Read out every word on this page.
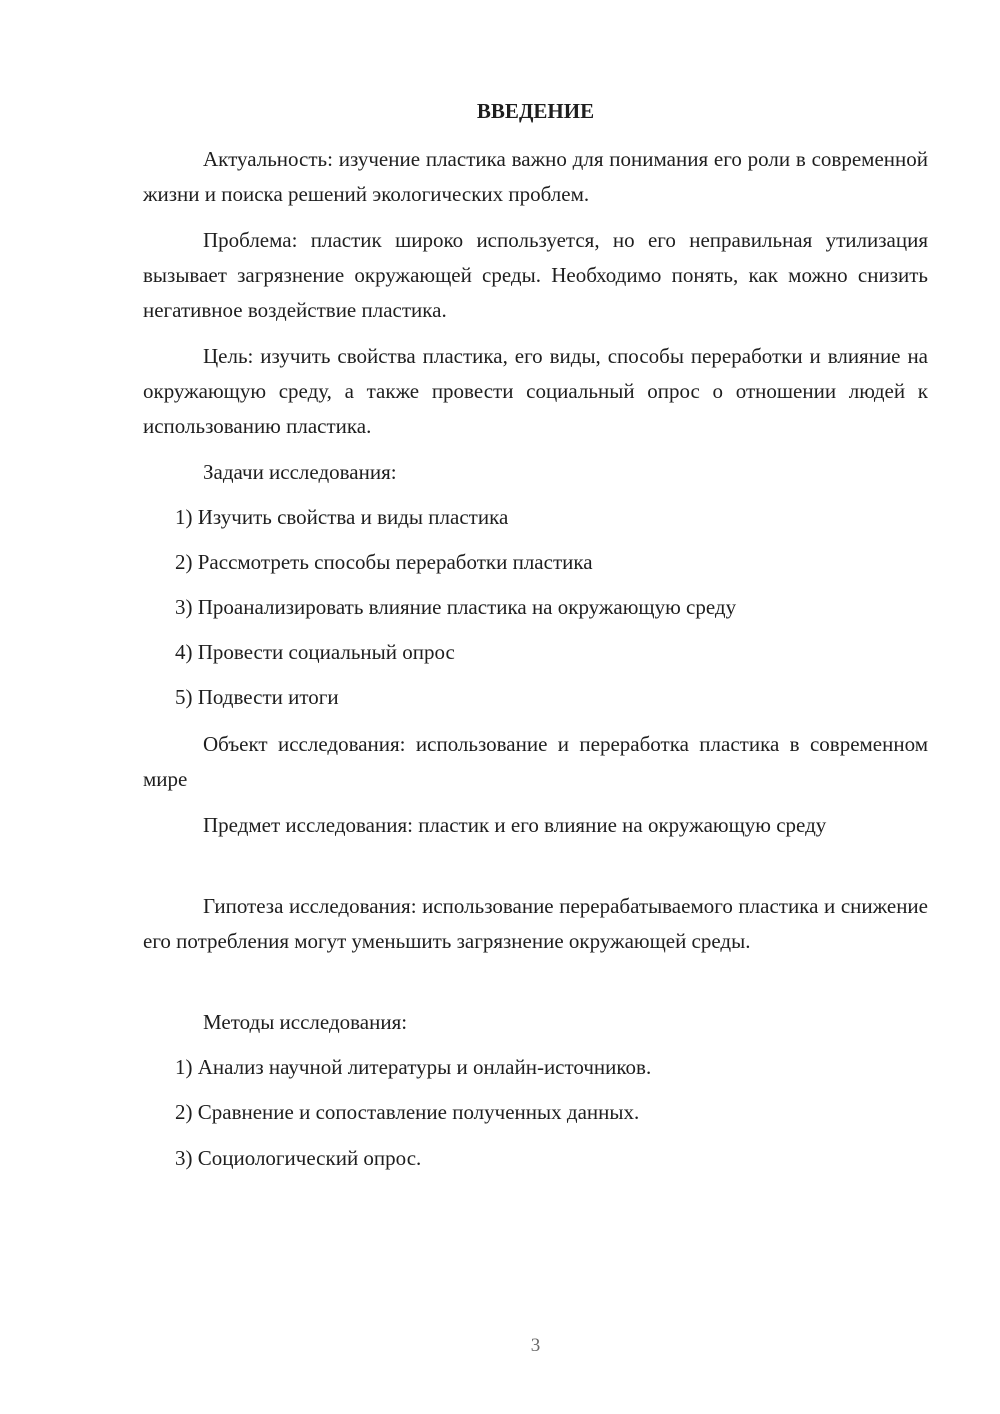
ВВЕДЕНИЕ

Актуальность: изучение пластика важно для понимания его роли в современной жизни и поиска решений экологических проблем.

Проблема: пластик широко используется, но его неправильная утилизация вызывает загрязнение окружающей среды. Необходимо понять, как можно снизить негативное воздействие пластика.

Цель: изучить свойства пластика, его виды, способы переработки и влияние на окружающую среду, а также провести социальный опрос о отношении людей к использованию пластика.

Задачи исследования:

1) Изучить свойства и виды пластика

2) Рассмотреть способы переработки пластика

3) Проанализировать влияние пластика на окружающую среду

4) Провести социальный опрос

5) Подвести итоги

Объект исследования: использование и переработка пластика в современном мире

Предмет исследования: пластик и его влияние на окружающую среду

Гипотеза исследования: использование перерабатываемого пластика и снижение его потребления могут уменьшить загрязнение окружающей среды.

Методы исследования:

1) Анализ научной литературы и онлайн-источников.

2) Сравнение и сопоставление полученных данных.

3) Социологический опрос.

3
